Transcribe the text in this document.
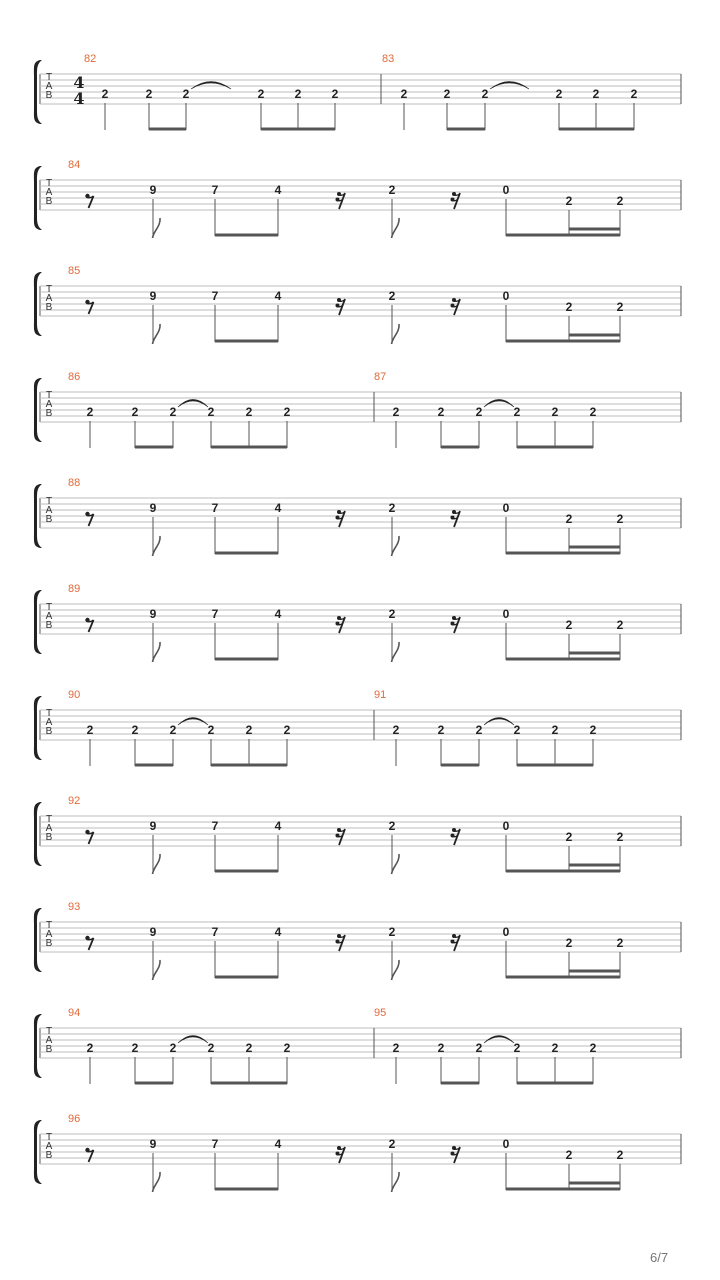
T
A
B
4
4
82	83
2	2	2	2	2	2	2	2	2	2	2	2
T
A
B
84
9	7	4	2	0
2	2
T
A
B
85
9	7	4	2	0
2	2
T
A
B
86	87
2	2	2	2	2	2	2	2	2	2	2	2
T
A
B
88
9	7	4	2	0
2	2
T
A
B
89
9	7	4	2	0
2	2
T
A
B
90	91
2	2	2	2	2	2	2	2	2	2	2	2
T
A
B
92
9	7	4	2	0
2	2
T
A
B
93
9	7	4	2	0
2	2
T
A
B
94	95
2	2	2	2	2	2	2	2	2	2	2	2
T
A
B
96
9	7	4	2	0
2	2
6/7
